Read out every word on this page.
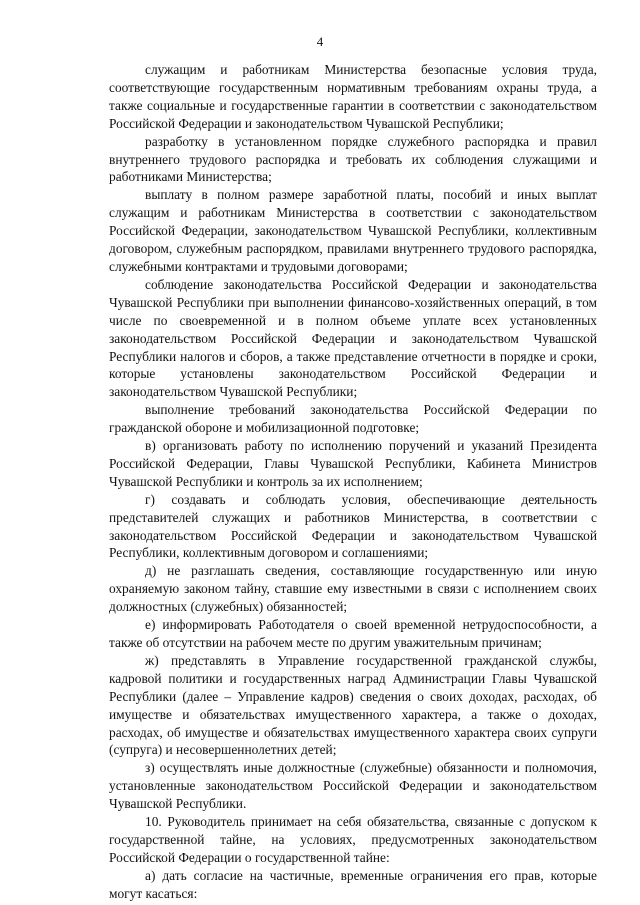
4

служащим и работникам Министерства безопасные условия труда, соответствующие государственным нормативным требованиям охраны труда, а также социальные и государственные гарантии в соответствии с законодательством Российской Федерации и законодательством Чувашской Республики;

разработку в установленном порядке служебного распорядка и правил внутреннего трудового распорядка и требовать их соблюдения служащими и работниками Министерства;

выплату в полном размере заработной платы, пособий и иных выплат служащим и работникам Министерства в соответствии с законодательством Российской Федерации, законодательством Чувашской Республики, коллективным договором, служебным распорядком, правилами внутреннего трудового распорядка, служебными контрактами и трудовыми договорами;

соблюдение законодательства Российской Федерации и законодательства Чувашской Республики при выполнении финансово-хозяйственных операций, в том числе по своевременной и в полном объеме уплате всех установленных законодательством Российской Федерации и законодательством Чувашской Республики налогов и сборов, а также представление отчетности в порядке и сроки, которые установлены законодательством Российской Федерации и законодательством Чувашской Республики;

выполнение требований законодательства Российской Федерации по гражданской обороне и мобилизационной подготовке;

в) организовать работу по исполнению поручений и указаний Президента Российской Федерации, Главы Чувашской Республики, Кабинета Министров Чувашской Республики и контроль за их исполнением;

г) создавать и соблюдать условия, обеспечивающие деятельность представителей служащих и работников Министерства, в соответствии с законодательством Российской Федерации и законодательством Чувашской Республики, коллективным договором и соглашениями;

д) не разглашать сведения, составляющие государственную или иную охраняемую законом тайну, ставшие ему известными в связи с исполнением своих должностных (служебных) обязанностей;

е) информировать Работодателя о своей временной нетрудоспособности, а также об отсутствии на рабочем месте по другим уважительным причинам;

ж) представлять в Управление государственной гражданской службы, кадровой политики и государственных наград Администрации Главы Чувашской Республики (далее – Управление кадров) сведения о своих доходах, расходах, об имуществе и обязательствах имущественного характера, а также о доходах, расходах, об имуществе и обязательствах имущественного характера своих супруги (супруга) и несовершеннолетних детей;

з) осуществлять иные должностные (служебные) обязанности и полномочия, установленные законодательством Российской Федерации и законодательством Чувашской Республики.

10. Руководитель принимает на себя обязательства, связанные с допуском к государственной тайне, на условиях, предусмотренных законодательством Российской Федерации о государственной тайне:

а) дать согласие на частичные, временные ограничения его прав, которые могут касаться:
